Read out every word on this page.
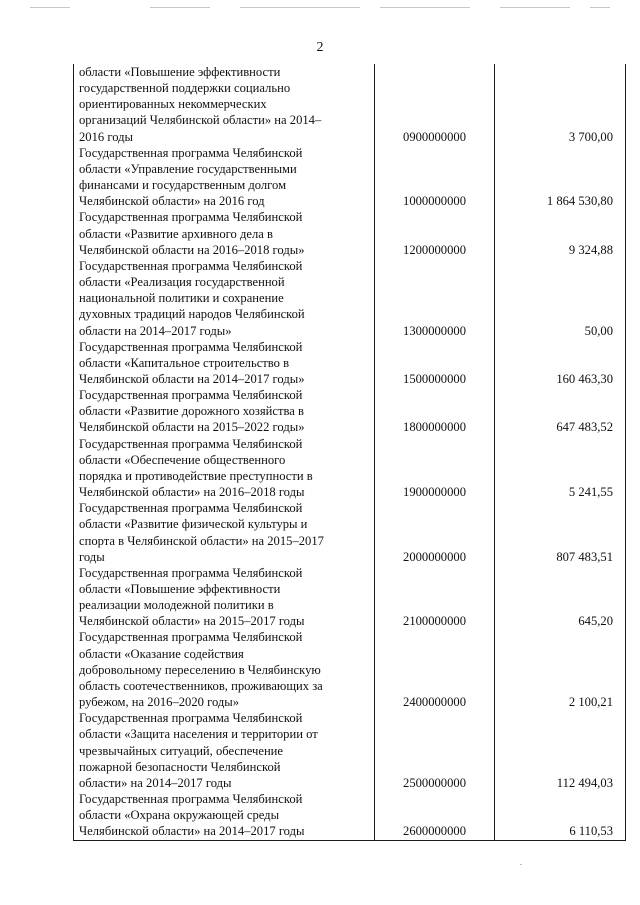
2
области «Повышение эффективности
государственной поддержки социально
ориентированных некоммерческих
организаций Челябинской области» на 2014–
2016 годы	0900000000	3 700,00
Государственная программа Челябинской
области «Управление государственными
финансами и государственным долгом
Челябинской области» на 2016 год	1000000000	1 864 530,80
Государственная программа Челябинской
области «Развитие архивного дела в
Челябинской области на 2016–2018 годы»	1200000000	9 324,88
Государственная программа Челябинской
области «Реализация государственной
национальной политики и сохранение
духовных традиций народов Челябинской
области на 2014–2017 годы»	1300000000	50,00
Государственная программа Челябинской
области «Капитальное строительство в
Челябинской области на 2014–2017 годы»	1500000000	160 463,30
Государственная программа Челябинской
области «Развитие дорожного хозяйства в
Челябинской области на 2015–2022 годы»	1800000000	647 483,52
Государственная программа Челябинской
области «Обеспечение общественного
порядка и противодействие преступности в
Челябинской области» на 2016–2018 годы	1900000000	5 241,55
Государственная программа Челябинской
области «Развитие физической культуры и
спорта в Челябинской области» на 2015–2017
годы	2000000000	807 483,51
Государственная программа Челябинской
области «Повышение эффективности
реализации молодежной политики в
Челябинской области» на 2015–2017 годы	2100000000	645,20
Государственная программа Челябинской
области «Оказание содействия
добровольному переселению в Челябинскую
область соотечественников, проживающих за
рубежом, на 2016–2020 годы»	2400000000	2 100,21
Государственная программа Челябинской
области «Защита населения и территории от
чрезвычайных ситуаций, обеспечение
пожарной безопасности Челябинской
области» на 2014–2017 годы	2500000000	112 494,03
Государственная программа Челябинской
области «Охрана окружающей среды
Челябинской области» на 2014–2017 годы	2600000000	6 110,53
